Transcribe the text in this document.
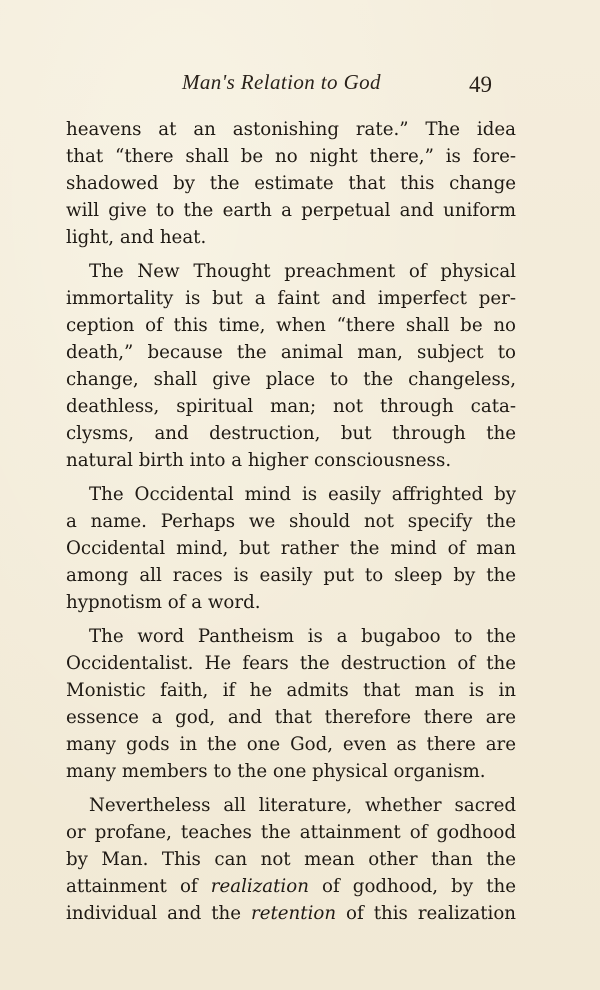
Man's Relation to God	49
heavens at an astonishing rate.” The idea
that “there shall be no night there,” is fore-
shadowed by the estimate that this change
will give to the earth a perpetual and uniform
light, and heat.
The New Thought preachment of physical
immortality is but a faint and imperfect per-
ception of this time, when “there shall be no
death,” because the animal man, subject to
change, shall give place to the changeless,
deathless, spiritual man; not through cata-
clysms, and destruction, but through the
natural birth into a higher consciousness.
The Occidental mind is easily affrighted by
a name. Perhaps we should not specify the
Occidental mind, but rather the mind of man
among all races is easily put to sleep by the
hypnotism of a word.
The word Pantheism is a bugaboo to the
Occidentalist. He fears the destruction of the
Monistic faith, if he admits that man is in
essence a god, and that therefore there are
many gods in the one God, even as there are
many members to the one physical organism.
Nevertheless all literature, whether sacred
or profane, teaches the attainment of godhood
by Man. This can not mean other than the
attainment of realization of godhood, by the
individual and the retention of this realization
